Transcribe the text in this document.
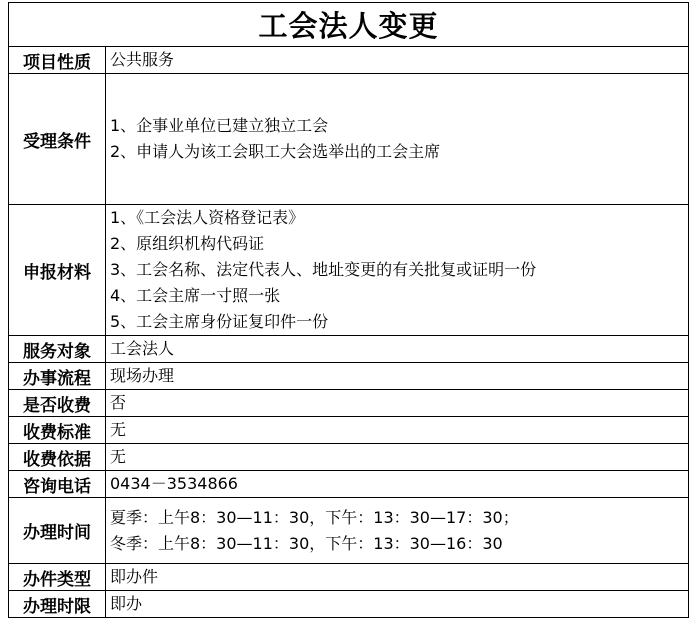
工会法人变更	
项目性质	公共服务

受理条件	1、企事业单位已建立独立工会
2、申请人为该工会职工大会选举出的工会主席

申报材料	1、《工会法人资格登记表》
2、原组织机构代码证
3、工会名称、法定代表人、地址变更的有关批复或证明一份
4、工会主席一寸照一张
5、工会主席身份证复印件一份

服务对象	工会法人

办事流程	现场办理

是否收费	否

收费标准	无

收费依据	无

咨询电话	0434－3534866

办理时间	夏季：上午8：30—11：30，下午：13：30—17：30；
冬季：上午8：30—11：30，下午：13：30—16：30

办件类型	即办件

办理时限	即办
